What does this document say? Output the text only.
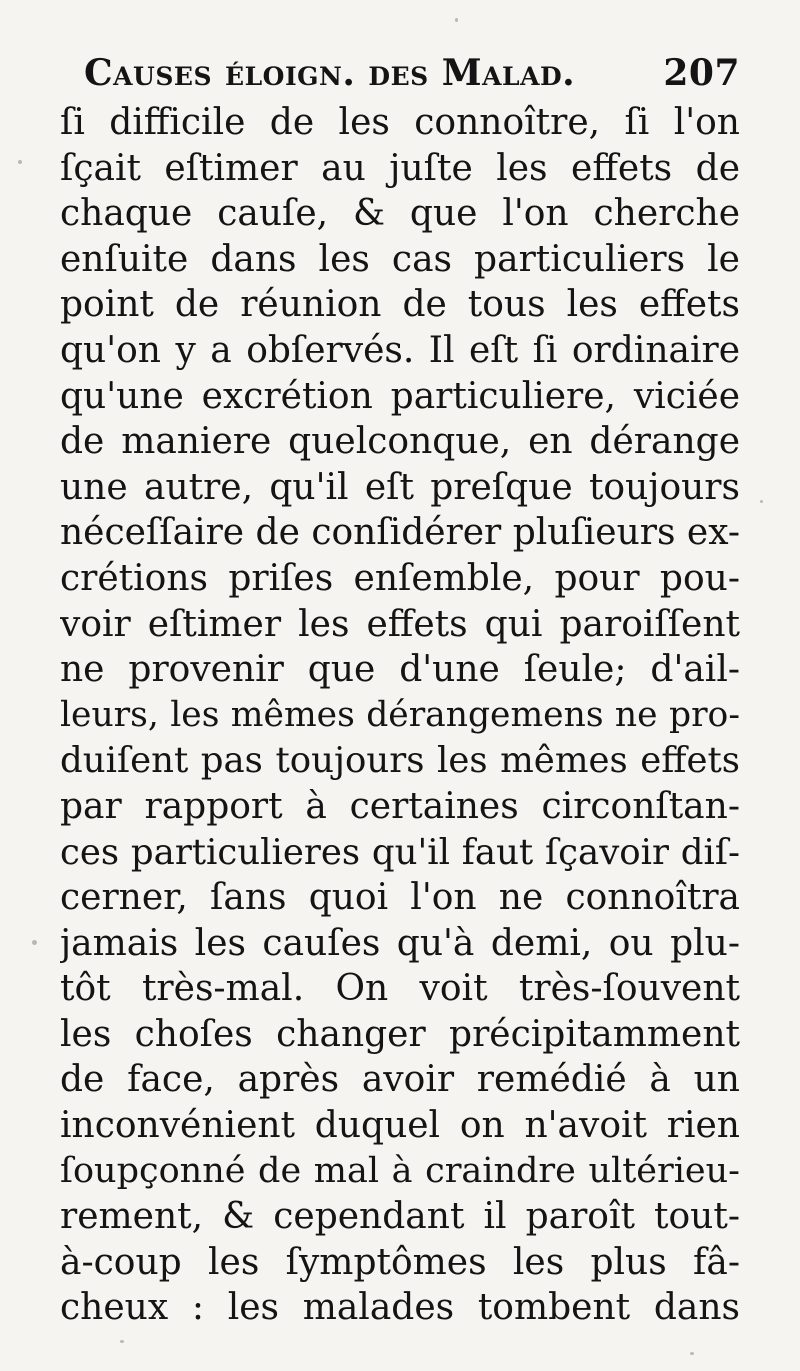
Causes éloign. des Malad. 207
ſi difficile de les connoître, ſi l'on
ſçait eſtimer au juſte les effets de
chaque cauſe, & que l'on cherche
enſuite dans les cas particuliers le
point de réunion de tous les effets
qu'on y a obſervés. Il eſt ſi ordinaire
qu'une excrétion particuliere, viciée
de maniere quelconque, en dérange
une autre, qu'il eſt preſque toujours
néceſſaire de conſidérer pluſieurs ex-
crétions priſes enſemble, pour pou-
voir eſtimer les effets qui paroiſſent
ne provenir que d'une ſeule; d'ail-
leurs, les mêmes dérangemens ne pro-
duiſent pas toujours les mêmes effets
par rapport à certaines circonſtan-
ces particulieres qu'il faut ſçavoir diſ-
cerner, ſans quoi l'on ne connoîtra
jamais les cauſes qu'à demi, ou plu-
tôt très-mal. On voit très-ſouvent
les choſes changer précipitamment
de face, après avoir remédié à un
inconvénient duquel on n'avoit rien
ſoupçonné de mal à craindre ultérieu-
rement, & cependant il paroît tout-
à-coup les ſymptômes les plus fâ-
cheux : les malades tombent dans
